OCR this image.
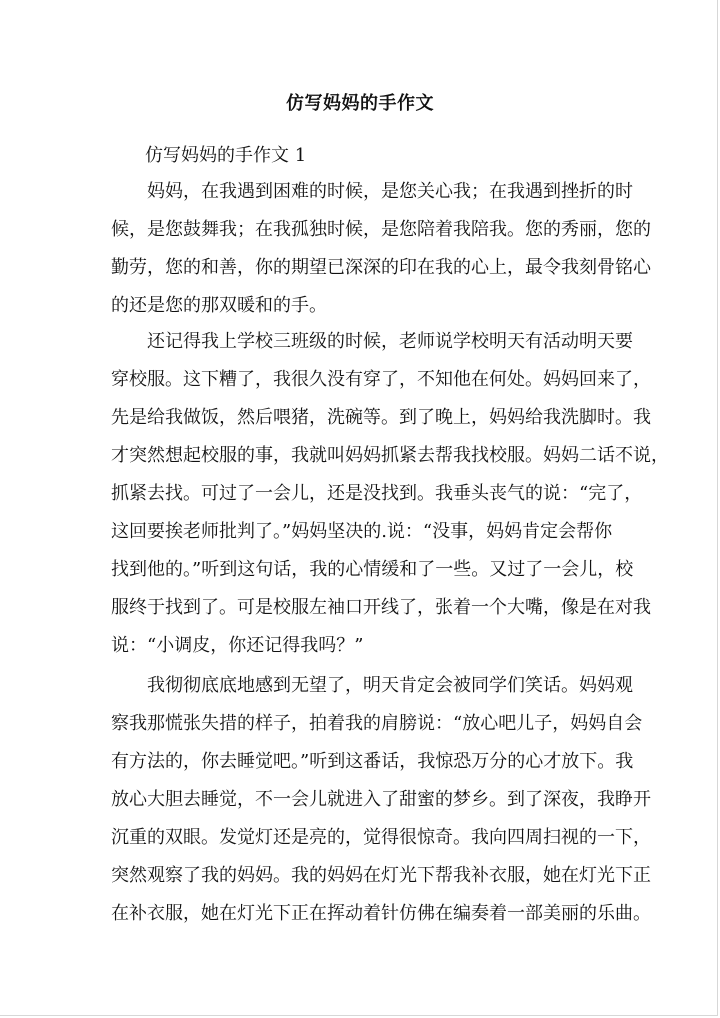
仿写妈妈的手作文
仿写妈妈的手作文 1
妈妈，在我遇到困难的时候，是您关心我；在我遇到挫折的时
候，是您鼓舞我；在我孤独时候，是您陪着我陪我。您的秀丽，您的
勤劳，您的和善，你的期望已深深的印在我的心上，最令我刻骨铭心
的还是您的那双暖和的手。
还记得我上学校三班级的时候，老师说学校明天有活动明天要
穿校服。这下糟了，我很久没有穿了，不知他在何处。妈妈回来了，
先是给我做饭，然后喂猪，洗碗等。到了晚上，妈妈给我洗脚时。我
才突然想起校服的事，我就叫妈妈抓紧去帮我找校服。妈妈二话不说，
抓紧去找。可过了一会儿，还是没找到。我垂头丧气的说：“完了，
这回要挨老师批判了。”妈妈坚决的.说：“没事，妈妈肯定会帮你
找到他的。”听到这句话，我的心情缓和了一些。又过了一会儿，校
服终于找到了。可是校服左袖口开线了，张着一个大嘴，像是在对我
说：“小调皮，你还记得我吗？”
我彻彻底底地感到无望了，明天肯定会被同学们笑话。妈妈观
察我那慌张失措的样子，拍着我的肩膀说：“放心吧儿子，妈妈自会
有方法的，你去睡觉吧。”听到这番话，我惊恐万分的心才放下。我
放心大胆去睡觉，不一会儿就进入了甜蜜的梦乡。到了深夜，我睁开
沉重的双眼。发觉灯还是亮的，觉得很惊奇。我向四周扫视的一下，
突然观察了我的妈妈。我的妈妈在灯光下帮我补衣服，她在灯光下正
在补衣服，她在灯光下正在挥动着针仿佛在编奏着一部美丽的乐曲。
